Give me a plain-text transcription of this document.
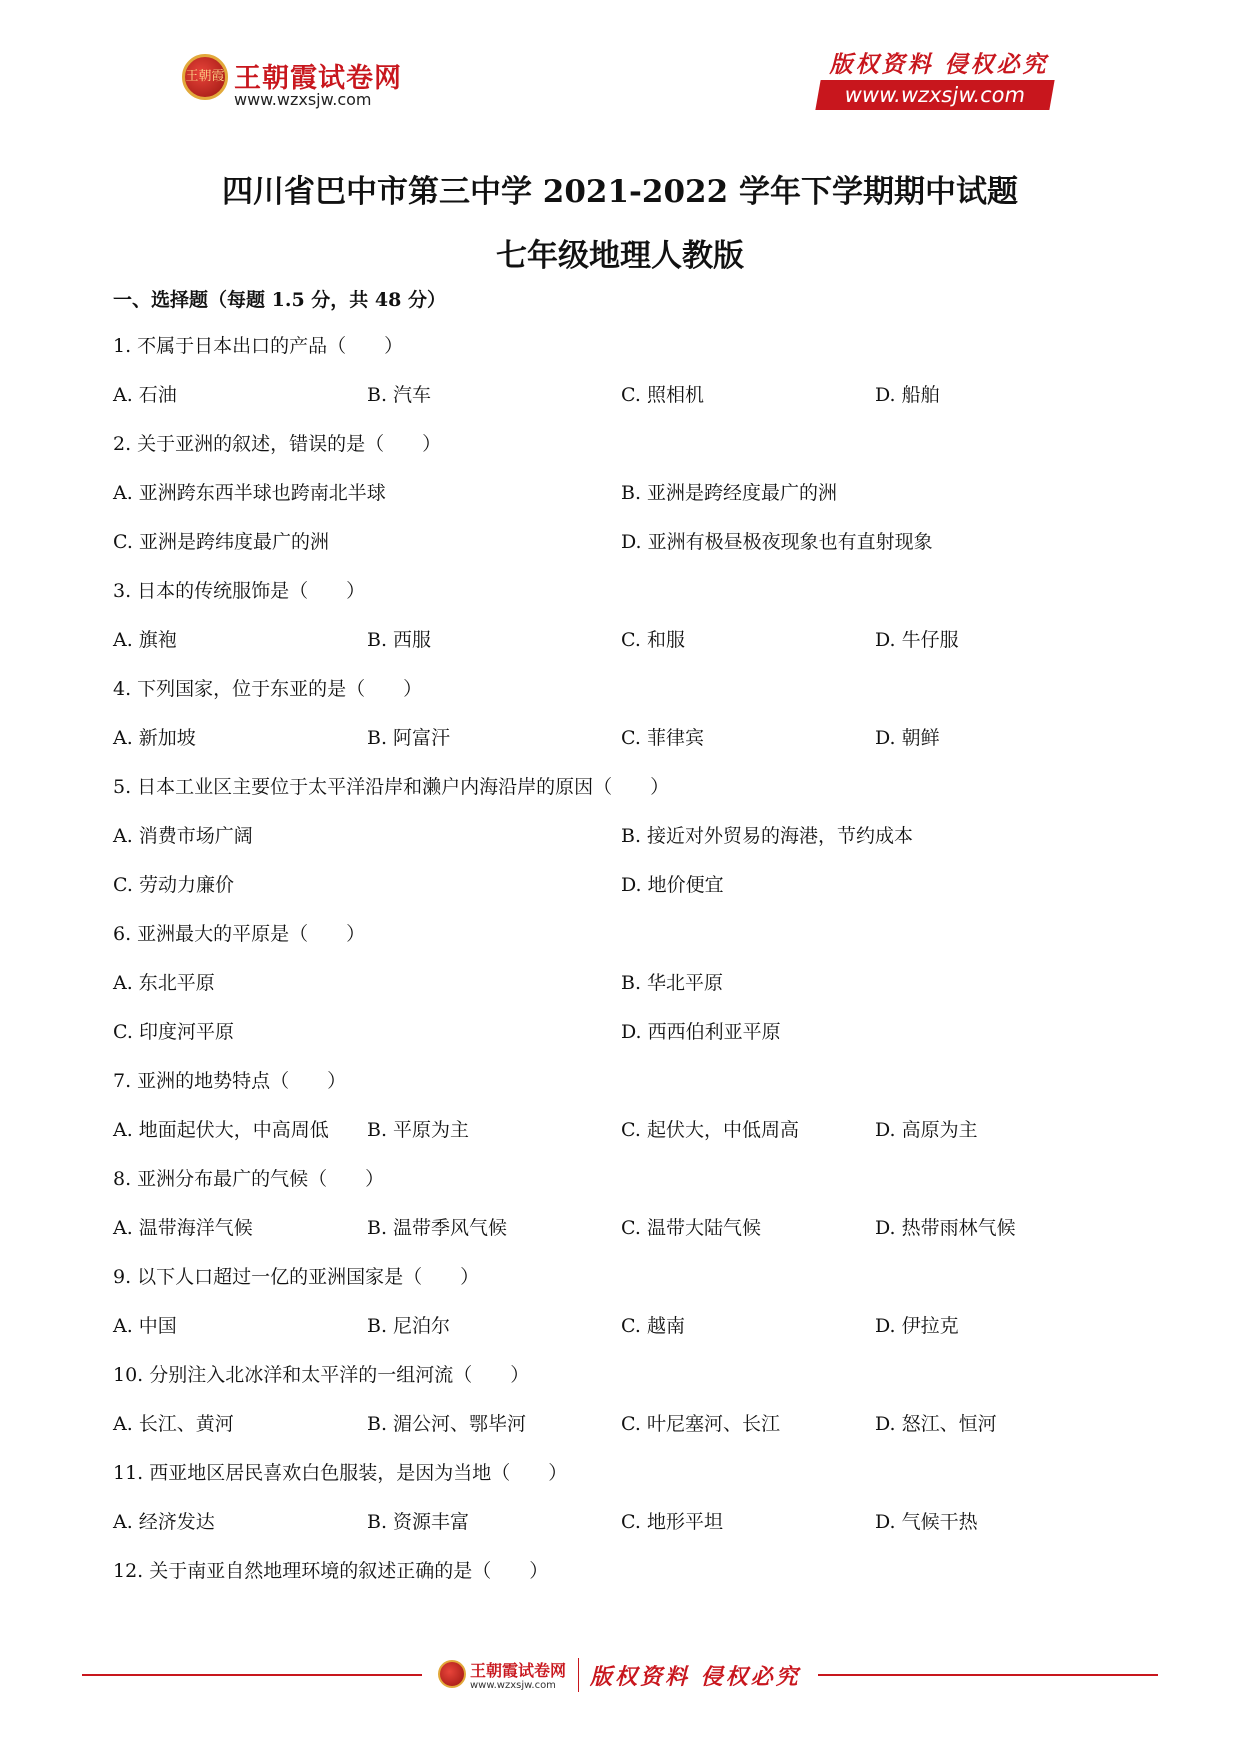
王朝霞 王朝霞试卷网
www.wzxsjw.com
版权资料 侵权必究
www.wzxsjw.com
四川省巴中市第三中学 2021-2022 学年下学期期中试题
七年级地理人教版
一、选择题（每题 1.5 分，共 48 分）
1. 不属于日本出口的产品（　　）
A. 石油	B. 汽车	C. 照相机	D. 船舶
2. 关于亚洲的叙述，错误的是（　　）
A. 亚洲跨东西半球也跨南北半球	B. 亚洲是跨经度最广的洲
C. 亚洲是跨纬度最广的洲	D. 亚洲有极昼极夜现象也有直射现象
3. 日本的传统服饰是（　　）
A. 旗袍	B. 西服	C. 和服	D. 牛仔服
4. 下列国家，位于东亚的是（　　）
A. 新加坡	B. 阿富汗	C. 菲律宾	D. 朝鲜
5. 日本工业区主要位于太平洋沿岸和濑户内海沿岸的原因（　　）
A. 消费市场广阔	B. 接近对外贸易的海港，节约成本
C. 劳动力廉价	D. 地价便宜
6. 亚洲最大的平原是（　　）
A. 东北平原	B. 华北平原
C. 印度河平原	D. 西西伯利亚平原
7. 亚洲的地势特点（　　）
A. 地面起伏大，中高周低 B. 平原为主	C. 起伏大，中低周高	D. 高原为主
8. 亚洲分布最广的气候（　　）
A. 温带海洋气候	B. 温带季风气候	C. 温带大陆气候	D. 热带雨林气候
9. 以下人口超过一亿的亚洲国家是（　　）
A. 中国	B. 尼泊尔	C. 越南	D. 伊拉克
10. 分别注入北冰洋和太平洋的一组河流（　　）
A. 长江、黄河	B. 湄公河、鄂毕河	C. 叶尼塞河、长江	D. 怒江、恒河
11. 西亚地区居民喜欢白色服装，是因为当地（　　）
A. 经济发达	B. 资源丰富	C. 地形平坦	D. 气候干热
12. 关于南亚自然地理环境的叙述正确的是（　　）
王朝霞试卷网
www.wzxsjw.com 版权资料 侵权必究
